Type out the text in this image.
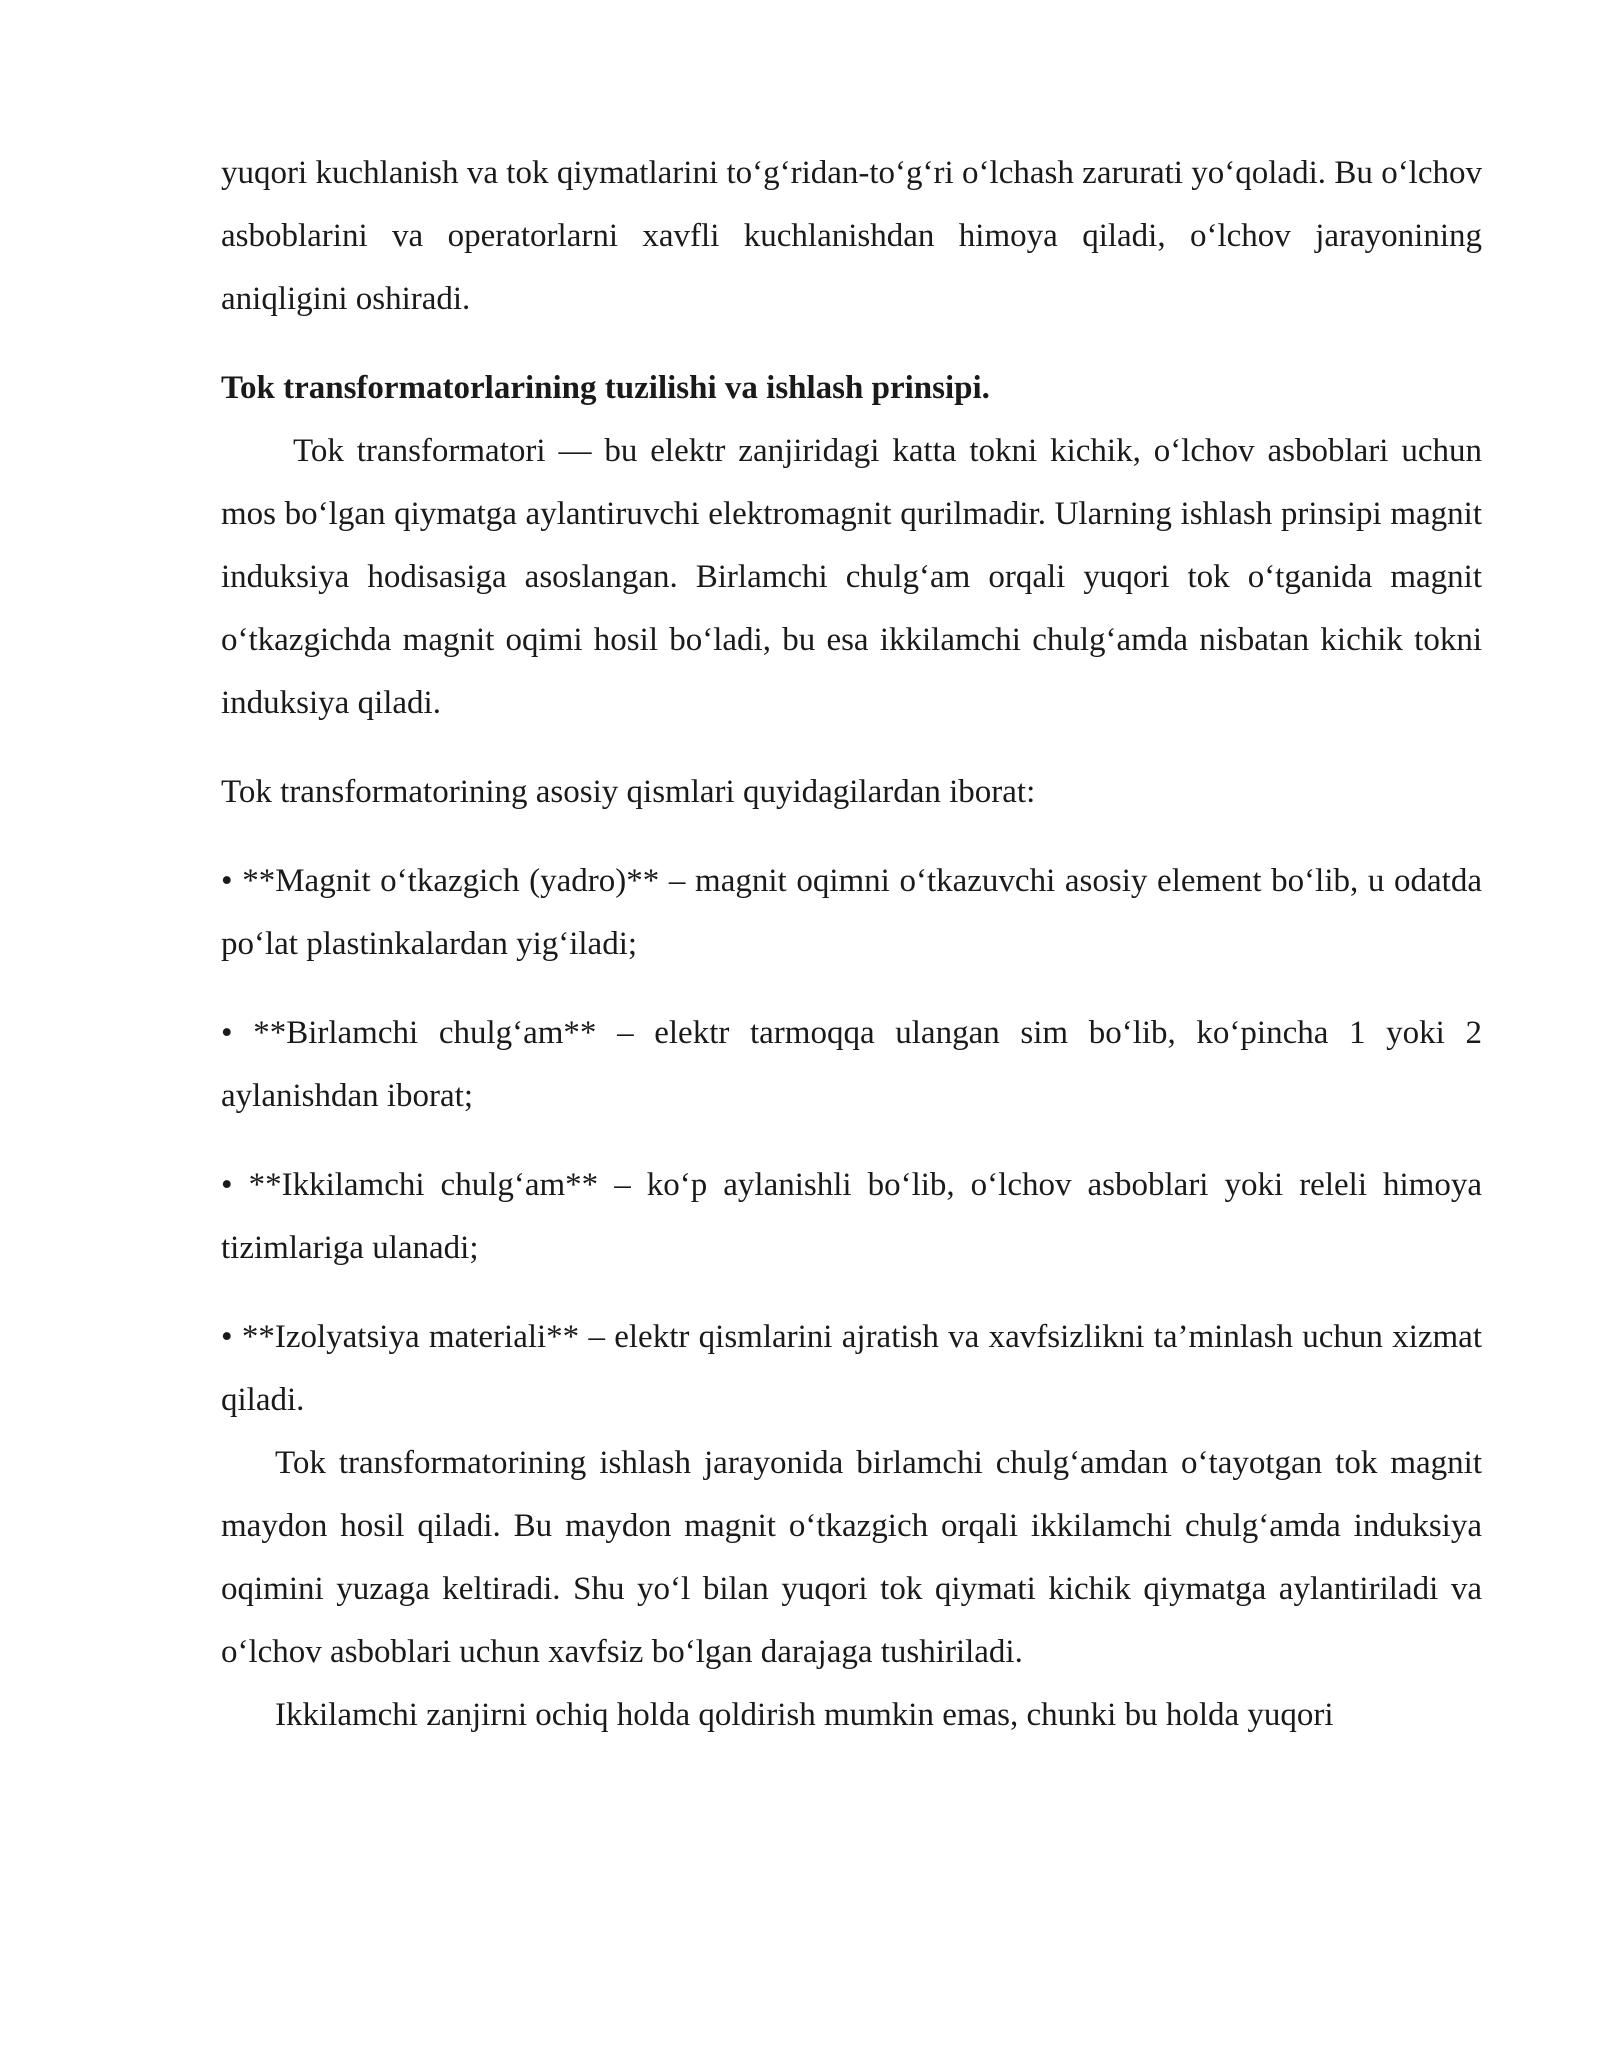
yuqori kuchlanish va tok qiymatlarini to‘g‘ridan-to‘g‘ri o‘lchash zarurati yo‘qoladi. Bu o‘lchov asboblarini va operatorlarni xavfli kuchlanishdan himoya qiladi, o‘lchov jarayonining aniqligini oshiradi.

Tok transformatorlarining tuzilishi va ishlash prinsipi.

Tok transformatori — bu elektr zanjiridagi katta tokni kichik, o‘lchov asboblari uchun mos bo‘lgan qiymatga aylantiruvchi elektromagnit qurilmadir. Ularning ishlash prinsipi magnit induksiya hodisasiga asoslangan. Birlamchi chulg‘am orqali yuqori tok o‘tganida magnit o‘tkazgichda magnit oqimi hosil bo‘ladi, bu esa ikkilamchi chulg‘amda nisbatan kichik tokni induksiya qiladi.

Tok transformatorining asosiy qismlari quyidagilardan iborat:

• **Magnit o‘tkazgich (yadro)** – magnit oqimni o‘tkazuvchi asosiy element bo‘lib, u odatda po‘lat plastinkalardan yig‘iladi;

• **Birlamchi chulg‘am** – elektr tarmoqqa ulangan sim bo‘lib, ko‘pincha 1 yoki 2 aylanishdan iborat;

• **Ikkilamchi chulg‘am** – ko‘p aylanishli bo‘lib, o‘lchov asboblari yoki releli himoya tizimlariga ulanadi;

• **Izolyatsiya materiali** – elektr qismlarini ajratish va xavfsizlikni ta’minlash uchun xizmat qiladi.

Tok transformatorining ishlash jarayonida birlamchi chulg‘amdan o‘tayotgan tok magnit maydon hosil qiladi. Bu maydon magnit o‘tkazgich orqali ikkilamchi chulg‘amda induksiya oqimini yuzaga keltiradi. Shu yo‘l bilan yuqori tok qiymati kichik qiymatga aylantiriladi va o‘lchov asboblari uchun xavfsiz bo‘lgan darajaga tushiriladi.

Ikkilamchi zanjirni ochiq holda qoldirish mumkin emas, chunki bu holda yuqori
